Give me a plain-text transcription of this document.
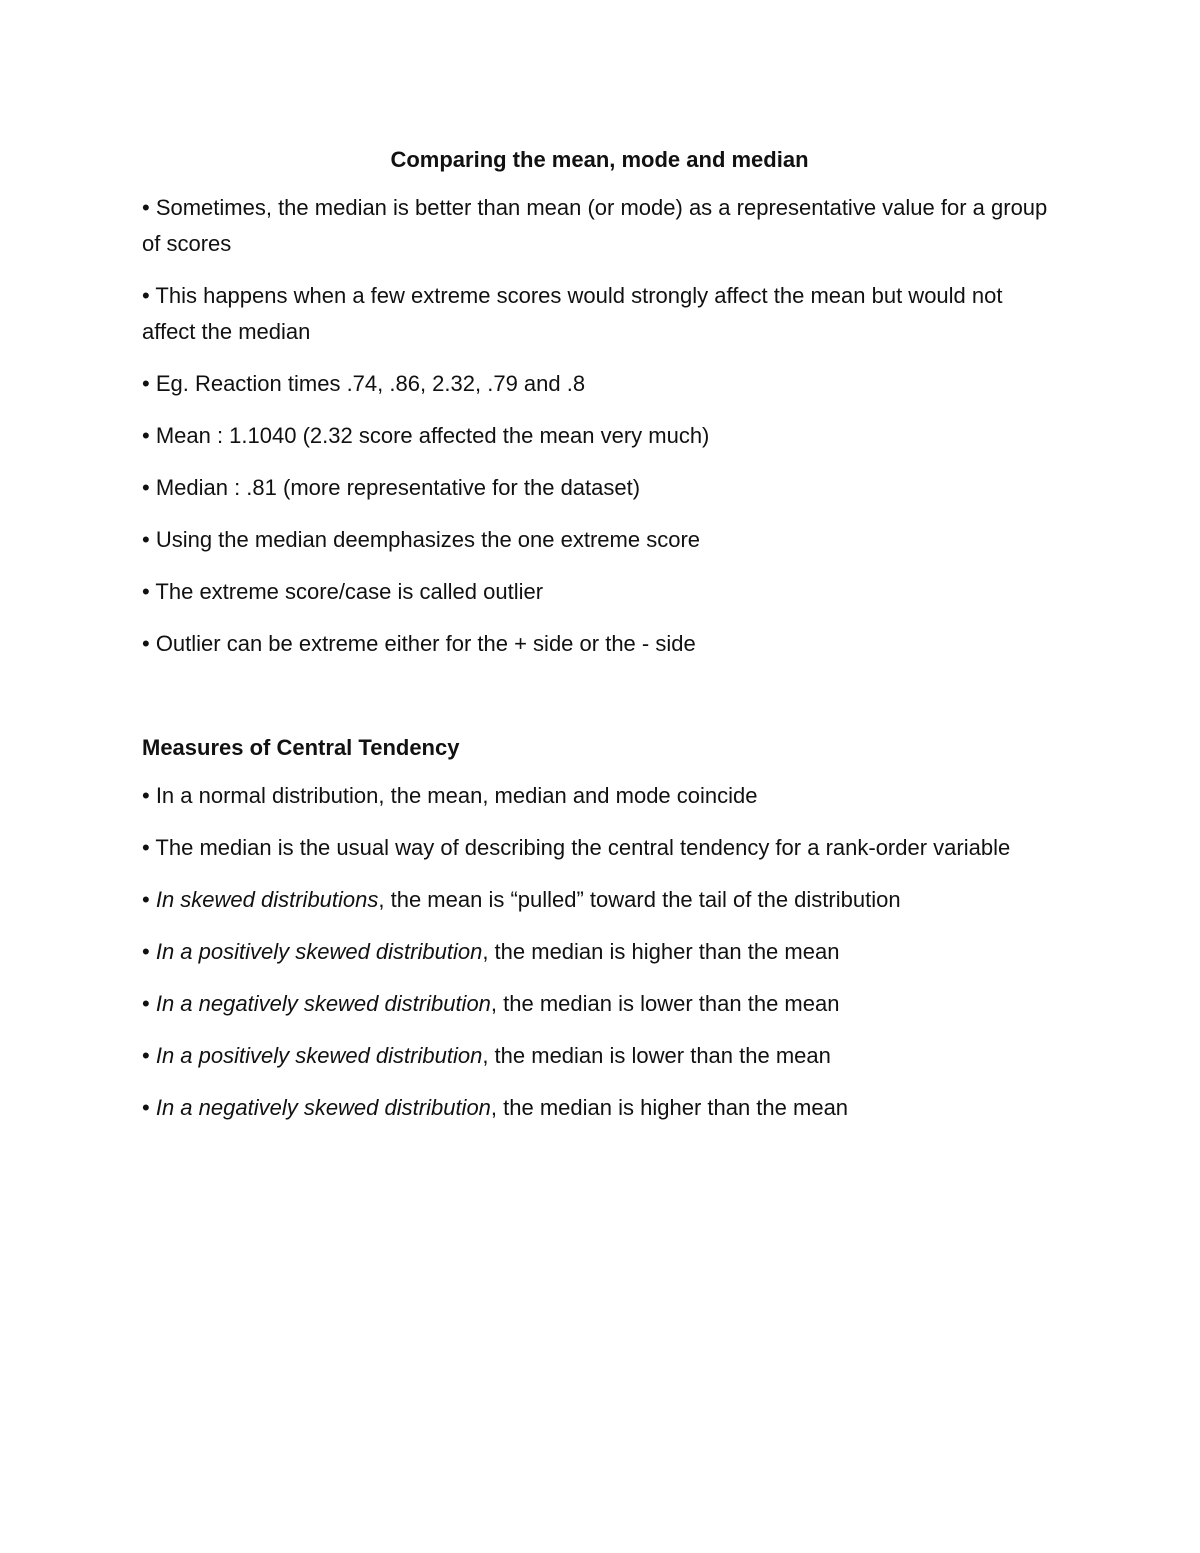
Comparing the mean, mode and median
• Sometimes, the median is better than mean (or mode) as a representative value for a group of scores
• This happens when a few extreme scores would strongly affect the mean but would not affect the median
• Eg. Reaction times .74, .86, 2.32, .79 and .8
• Mean : 1.1040 (2.32 score affected the mean very much)
• Median : .81 (more representative for the dataset)
• Using the median deemphasizes the one extreme score
• The extreme score/case is called outlier
• Outlier can be extreme either for the + side or the - side
Measures of Central Tendency
• In a normal distribution, the mean, median and mode coincide
• The median is the usual way of describing the central tendency for a rank-order variable
• In skewed distributions, the mean is “pulled” toward the tail of the distribution
• In a positively skewed distribution, the median is higher than the mean
• In a negatively skewed distribution, the median is lower than the mean
• In a positively skewed distribution, the median is lower than the mean
• In a negatively skewed distribution, the median is higher than the mean
